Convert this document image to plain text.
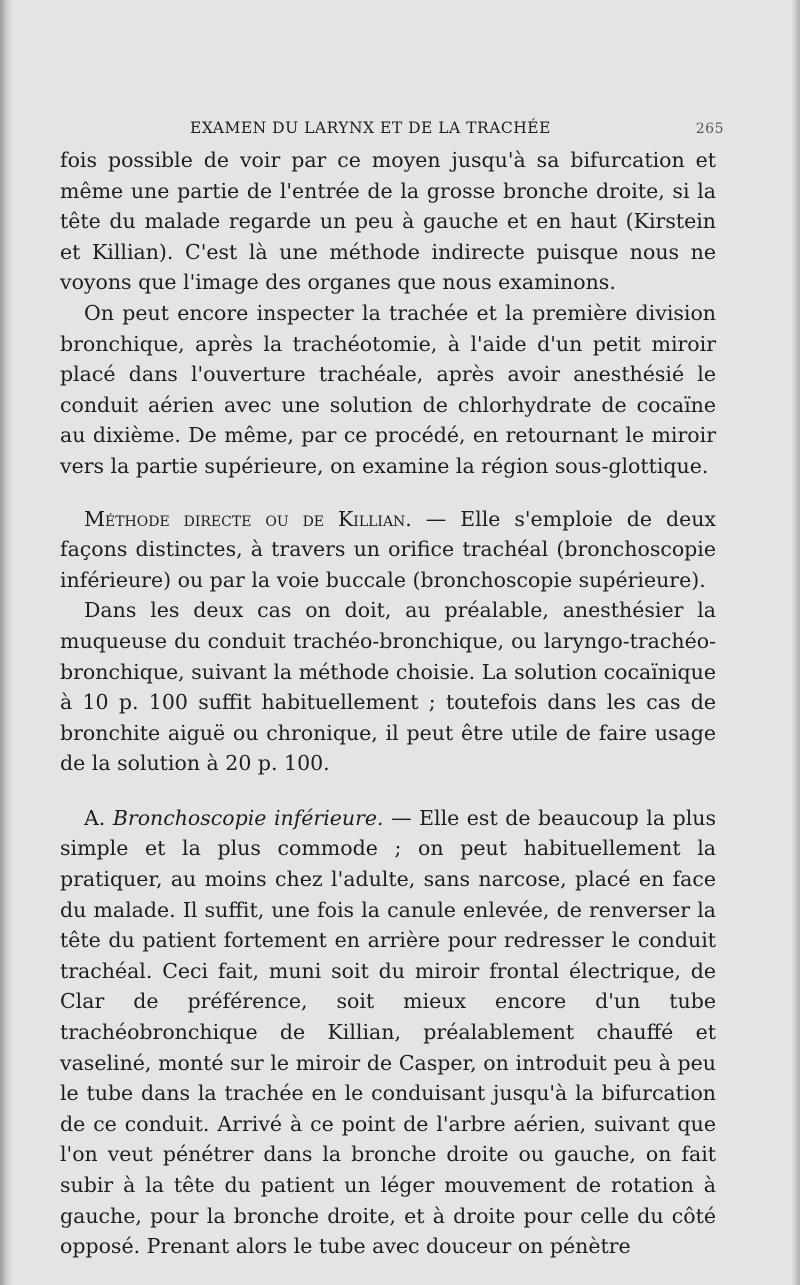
EXAMEN DU LARYNX ET DE LA TRACHÉE	265

fois possible de voir par ce moyen jusqu'à sa bifurcation et même une partie de l'entrée de la grosse bronche droite, si la tête du malade regarde un peu à gauche et en haut (Kirstein et Killian). C'est là une méthode indirecte puisque nous ne voyons que l'image des organes que nous examinons.

On peut encore inspecter la trachée et la première division bronchique, après la trachéotomie, à l'aide d'un petit miroir placé dans l'ouverture trachéale, après avoir anesthésié le conduit aérien avec une solution de chlorhydrate de cocaïne au dixième. De même, par ce procédé, en retournant le miroir vers la partie supérieure, on examine la région sous-glottique.

Méthode directe ou de Killian. — Elle s'emploie de deux façons distinctes, à travers un orifice trachéal (bronchoscopie inférieure) ou par la voie buccale (bronchoscopie supérieure).

Dans les deux cas on doit, au préalable, anesthésier la muqueuse du conduit trachéo-bronchique, ou laryngo-trachéo-bronchique, suivant la méthode choisie. La solution cocaïnique à 10 p. 100 suffit habituellement ; toutefois dans les cas de bronchite aiguë ou chronique, il peut être utile de faire usage de la solution à 20 p. 100.

A. Bronchoscopie inférieure. — Elle est de beaucoup la plus simple et la plus commode ; on peut habituellement la pratiquer, au moins chez l'adulte, sans narcose, placé en face du malade. Il suffit, une fois la canule enlevée, de renverser la tête du patient fortement en arrière pour redresser le conduit trachéal. Ceci fait, muni soit du miroir frontal électrique, de Clar de préférence, soit mieux encore d'un tube trachéobronchique de Killian, préalablement chauffé et vaseliné, monté sur le miroir de Casper, on introduit peu à peu le tube dans la trachée en le conduisant jusqu'à la bifurcation de ce conduit. Arrivé à ce point de l'arbre aérien, suivant que l'on veut pénétrer dans la bronche droite ou gauche, on fait subir à la tête du patient un léger mouvement de rotation à gauche, pour la bronche droite, et à droite pour celle du côté opposé. Prenant alors le tube avec douceur on pénètre
